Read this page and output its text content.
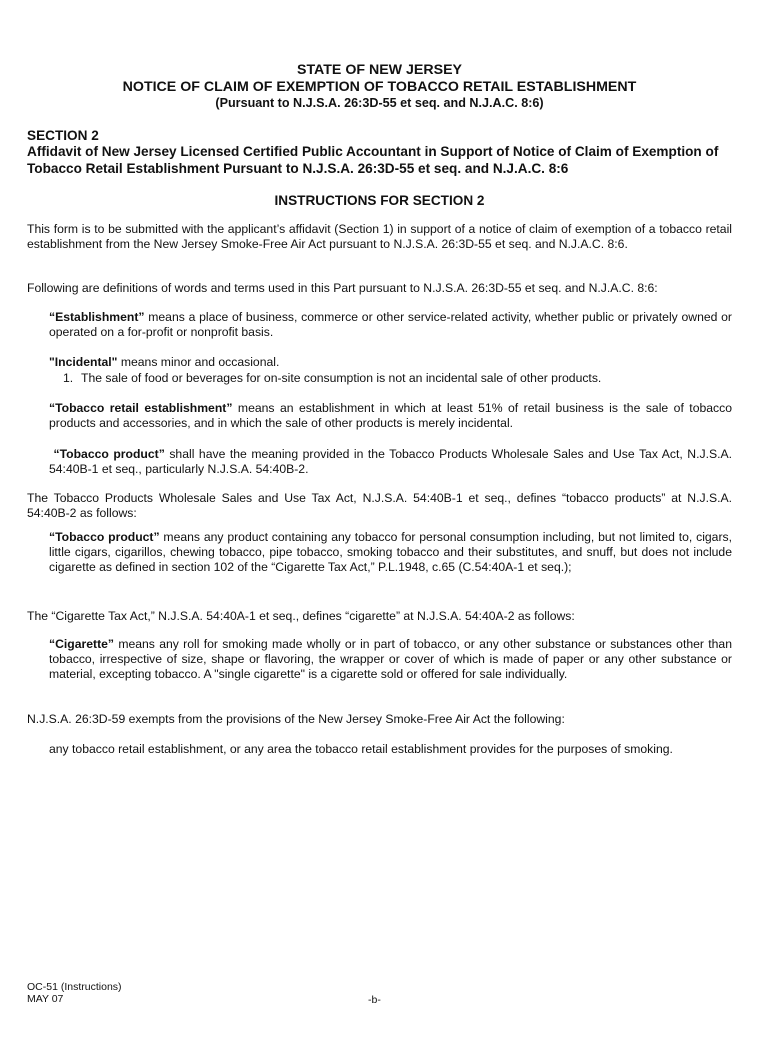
STATE OF NEW JERSEY
NOTICE OF CLAIM OF EXEMPTION OF TOBACCO RETAIL ESTABLISHMENT
(Pursuant to N.J.S.A. 26:3D-55 et seq. and N.J.A.C. 8:6)
SECTION 2
Affidavit of New Jersey Licensed Certified Public Accountant in Support of Notice of Claim of Exemption of Tobacco Retail Establishment Pursuant to N.J.S.A. 26:3D-55 et seq. and N.J.A.C. 8:6
INSTRUCTIONS FOR SECTION 2
This form is to be submitted with the applicant’s affidavit (Section 1) in support of a notice of claim of exemption of a tobacco retail establishment from the New Jersey Smoke-Free Air Act pursuant to N.J.S.A. 26:3D-55 et seq. and N.J.A.C. 8:6.
Following are definitions of words and terms used in this Part pursuant to N.J.S.A. 26:3D-55 et seq. and N.J.A.C. 8:6:
“Establishment” means a place of business, commerce or other service-related activity, whether public or privately owned or operated on a for-profit or nonprofit basis.
"Incidental" means minor and occasional.
1. The sale of food or beverages for on-site consumption is not an incidental sale of other products.
“Tobacco retail establishment” means an establishment in which at least 51% of retail business is the sale of tobacco products and accessories, and in which the sale of other products is merely incidental.
“Tobacco product” shall have the meaning provided in the Tobacco Products Wholesale Sales and Use Tax Act, N.J.S.A. 54:40B-1 et seq., particularly N.J.S.A. 54:40B-2.
The Tobacco Products Wholesale Sales and Use Tax Act, N.J.S.A. 54:40B-1 et seq., defines “tobacco products” at N.J.S.A. 54:40B-2 as follows:
“Tobacco product” means any product containing any tobacco for personal consumption including, but not limited to, cigars, little cigars, cigarillos, chewing tobacco, pipe tobacco, smoking tobacco and their substitutes, and snuff, but does not include cigarette as defined in section 102 of the “Cigarette Tax Act,” P.L.1948, c.65 (C.54:40A-1 et seq.);
The “Cigarette Tax Act,” N.J.S.A. 54:40A-1 et seq., defines “cigarette” at N.J.S.A. 54:40A-2 as follows:
“Cigarette” means any roll for smoking made wholly or in part of tobacco, or any other substance or substances other than tobacco, irrespective of size, shape or flavoring, the wrapper or cover of which is made of paper or any other substance or material, excepting tobacco. A "single cigarette" is a cigarette sold or offered for sale individually.
N.J.S.A. 26:3D-59 exempts from the provisions of the New Jersey Smoke-Free Air Act the following:
any tobacco retail establishment, or any area the tobacco retail establishment provides for the purposes of smoking.
OC-51 (Instructions)
MAY 07	-b-
